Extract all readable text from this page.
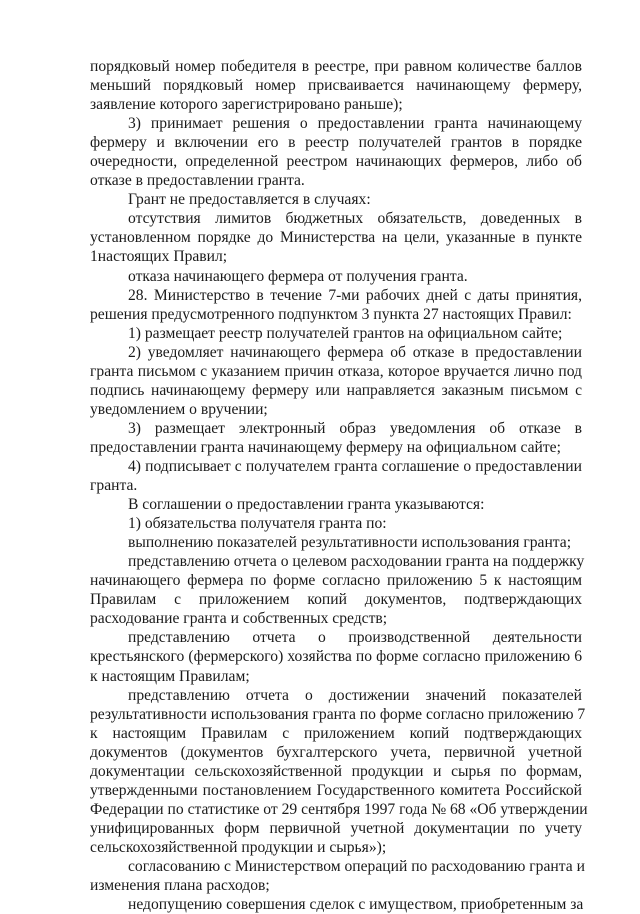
порядковый номер победителя в реестре, при равном количестве баллов
меньший порядковый номер присваивается начинающему фермеру,
заявление которого зарегистрировано раньше);
3) принимает решения о предоставлении гранта начинающему
фермеру и включении его в реестр получателей грантов в порядке
очередности, определенной реестром начинающих фермеров, либо об
отказе в предоставлении гранта.
Грант не предоставляется в случаях:
отсутствия лимитов бюджетных обязательств, доведенных в
установленном порядке до Министерства на цели, указанные в пункте
1настоящих Правил;
отказа начинающего фермера от получения гранта.
28. Министерство в течение 7-ми рабочих дней с даты принятия,
решения предусмотренного подпунктом 3 пункта 27 настоящих Правил:
1) размещает реестр получателей грантов на официальном сайте;
2) уведомляет начинающего фермера об отказе в предоставлении
гранта письмом с указанием причин отказа, которое вручается лично под
подпись начинающему фермеру или направляется заказным письмом с
уведомлением о вручении;
3) размещает электронный образ уведомления об отказе в
предоставлении гранта начинающему фермеру на официальном сайте;
4) подписывает с получателем гранта соглашение о предоставлении
гранта.
В соглашении о предоставлении гранта указываются:
1) обязательства получателя гранта по:
выполнению показателей результативности использования гранта;
представлению отчета о целевом расходовании гранта на поддержку
начинающего фермера по форме согласно приложению 5 к настоящим
Правилам с приложением копий документов, подтверждающих
расходование гранта и собственных средств;
представлению отчета о производственной деятельности
крестьянского (фермерского) хозяйства по форме согласно приложению 6
к настоящим Правилам;
представлению отчета о достижении значений показателей
результативности использования гранта по форме согласно приложению 7
к настоящим Правилам с приложением копий подтверждающих
документов (документов бухгалтерского учета, первичной учетной
документации сельскохозяйственной продукции и сырья по формам,
утвержденными постановлением Государственного комитета Российской
Федерации по статистике от 29 сентября 1997 года № 68 «Об утверждении
унифицированных форм первичной учетной документации по учету
сельскохозяйственной продукции и сырья»);
согласованию с Министерством операций по расходованию гранта и
изменения плана расходов;
недопущению совершения сделок с имуществом, приобретенным за
